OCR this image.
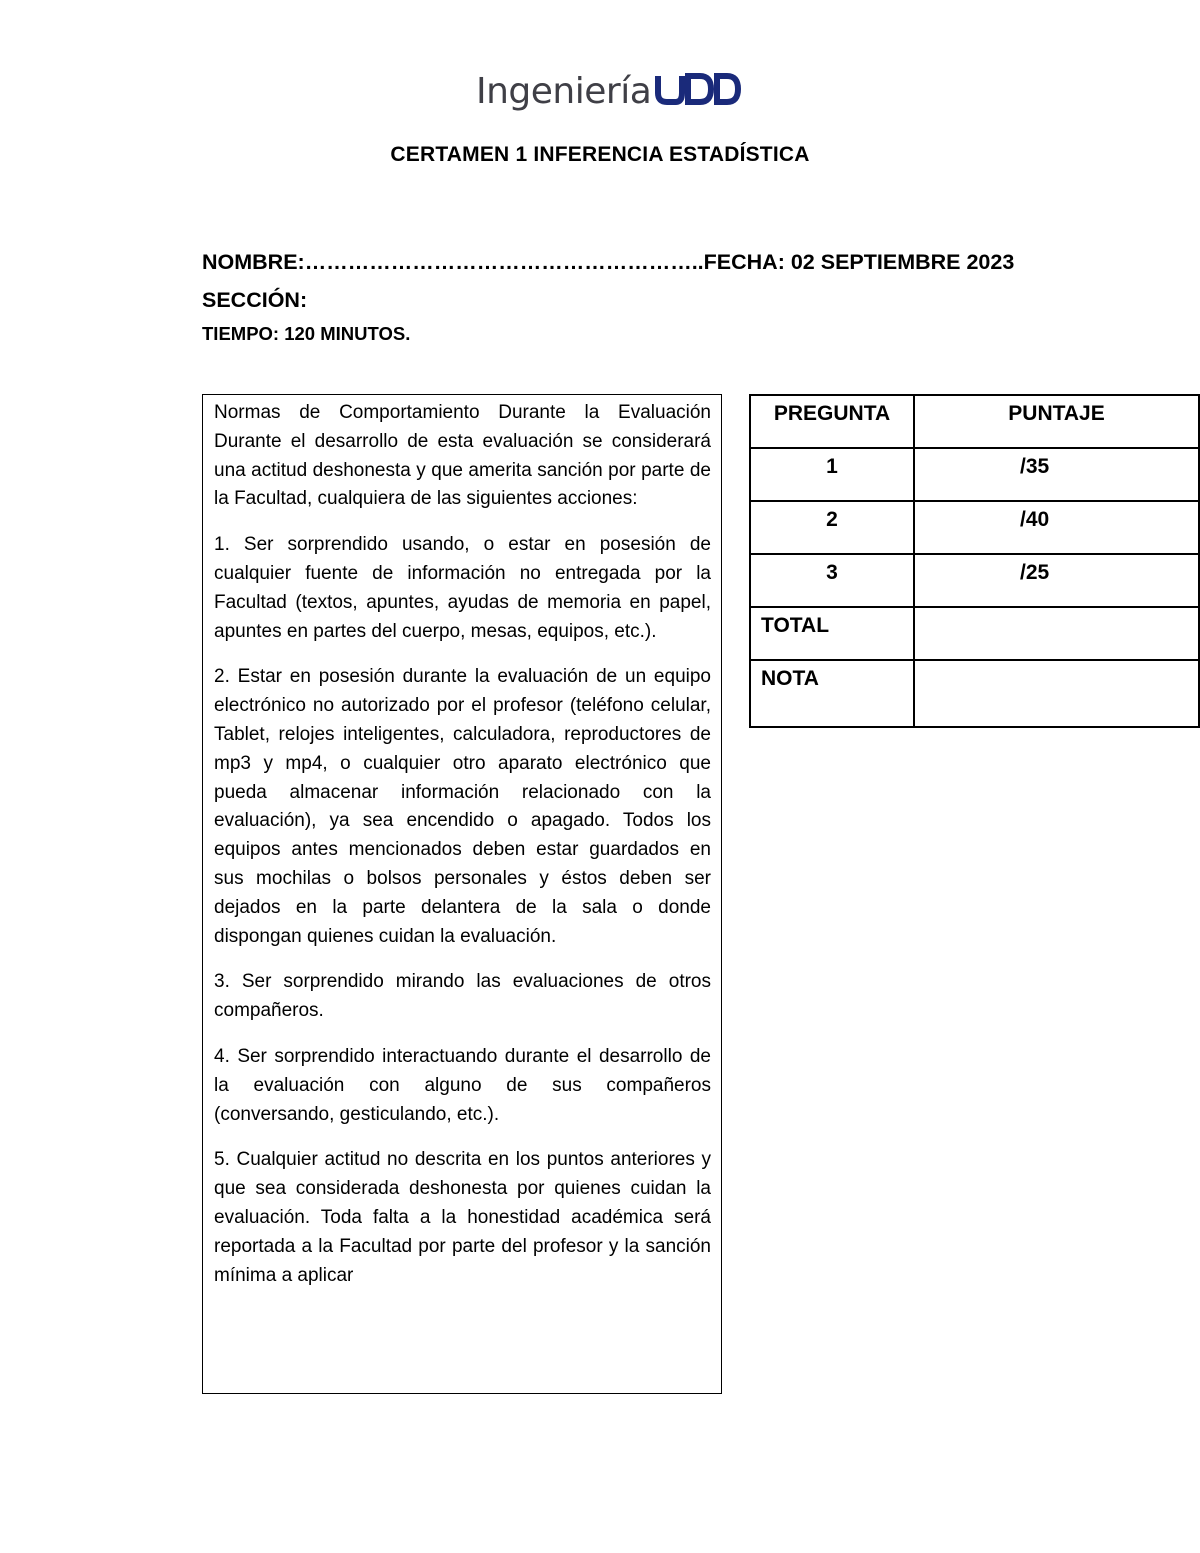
Ingeniería
CERTAMEN 1 INFERENCIA ESTADÍSTICA
NOMBRE:………………………………………………..FECHA: 02 SEPTIEMBRE 2023
SECCIÓN:
TIEMPO: 120 MINUTOS.

Normas de Comportamiento Durante la Evaluación Durante el desarrollo de esta evaluación se considerará una actitud deshonesta y que amerita sanción por parte de la Facultad, cualquiera de las siguientes acciones:

1. Ser sorprendido usando, o estar en posesión de cualquier fuente de información no entregada por la Facultad (textos, apuntes, ayudas de memoria en papel, apuntes en partes del cuerpo, mesas, equipos, etc.).

2. Estar en posesión durante la evaluación de un equipo electrónico no autorizado por el profesor (teléfono celular, Tablet, relojes inteligentes, calculadora, reproductores de mp3 y mp4, o cualquier otro aparato electrónico que pueda almacenar información relacionado con la evaluación), ya sea encendido o apagado. Todos los equipos antes mencionados deben estar guardados en sus mochilas o bolsos personales y éstos deben ser dejados en la parte delantera de la sala o donde dispongan quienes cuidan la evaluación.

3. Ser sorprendido mirando las evaluaciones de otros compañeros.

4. Ser sorprendido interactuando durante el desarrollo de la evaluación con alguno de sus compañeros (conversando, gesticulando, etc.).

5. Cualquier actitud no descrita en los puntos anteriores y que sea considerada deshonesta por quienes cuidan la evaluación. Toda falta a la honestidad académica será reportada a la Facultad por parte del profesor y la sanción mínima a aplicar

PREGUNTA	PUNTAJE
1	/35
2	/40
3	/25
TOTAL	
NOTA	
